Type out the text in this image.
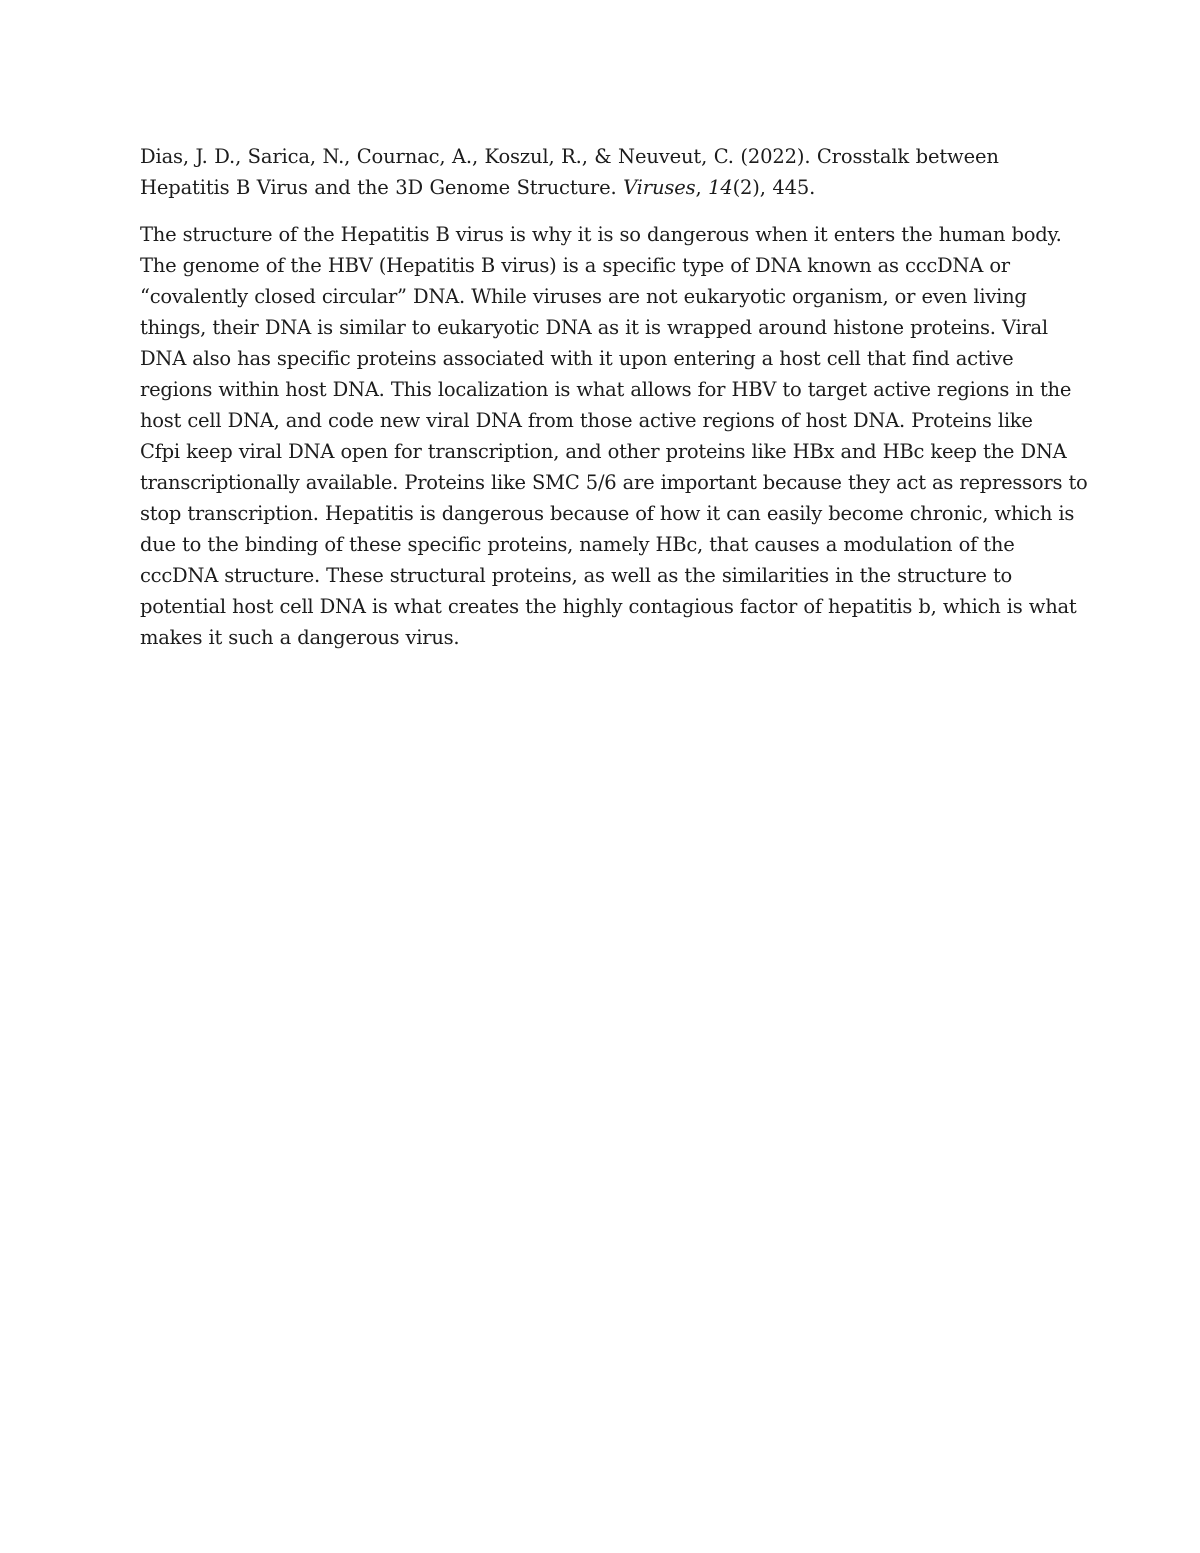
Dias, J. D., Sarica, N., Cournac, A., Koszul, R., & Neuveut, C. (2022). Crosstalk between
Hepatitis B Virus and the 3D Genome Structure. Viruses, 14(2), 445.

The structure of the Hepatitis B virus is why it is so dangerous when it enters the human body.
The genome of the HBV (Hepatitis B virus) is a specific type of DNA known as cccDNA or
“covalently closed circular” DNA. While viruses are not eukaryotic organism, or even living
things, their DNA is similar to eukaryotic DNA as it is wrapped around histone proteins. Viral
DNA also has specific proteins associated with it upon entering a host cell that find active
regions within host DNA. This localization is what allows for HBV to target active regions in the
host cell DNA, and code new viral DNA from those active regions of host DNA. Proteins like
Cfpi keep viral DNA open for transcription, and other proteins like HBx and HBc keep the DNA
transcriptionally available. Proteins like SMC 5/6 are important because they act as repressors to
stop transcription. Hepatitis is dangerous because of how it can easily become chronic, which is
due to the binding of these specific proteins, namely HBc, that causes a modulation of the
cccDNA structure. These structural proteins, as well as the similarities in the structure to
potential host cell DNA is what creates the highly contagious factor of hepatitis b, which is what
makes it such a dangerous virus.
